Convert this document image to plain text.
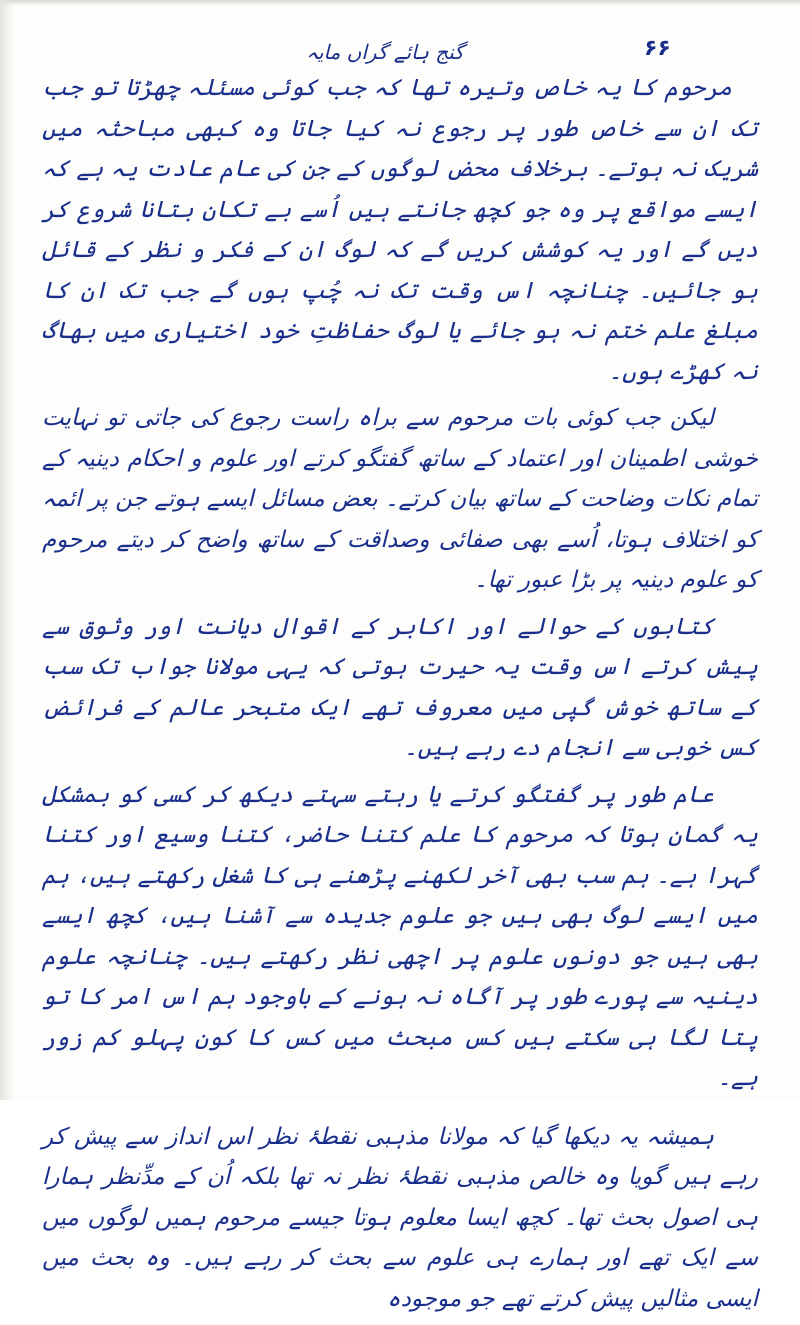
گنج ہائے گراں مایہ	۶۶

مرحوم کا یہ خاص وتیرہ تھا کہ جب کوئی مسئلہ چھڑتا تو جب تک ان سے خاص طور پر رجوع نہ کیا جاتا وہ کبھی مباحثہ میں شریک نہ ہوتے۔ برخلاف محض لوگوں کے جن کی عام عادت یہ ہے کہ ایسے مواقع پر وہ جو کچھ جانتے ہیں اُسے بے تکان بتانا شروع کر دیں گے اور یہ کوشش کریں گے کہ لوگ ان کے فکر و نظر کے قائل ہو جائیں۔ چنانچہ اس وقت تک نہ چُپ ہوں گے جب تک ان کا مبلغ علم ختم نہ ہو جائے یا لوگ حفاظتِ خود اختیاری میں بھاگ نہ کھڑے ہوں۔

لیکن جب کوئی بات مرحوم سے براہ راست رجوع کی جاتی تو نہایت خوشی اطمینان اور اعتماد کے ساتھ گفتگو کرتے اور علوم و احکام دینیہ کے تمام نکات وضاحت کے ساتھ بیان کرتے۔ بعض مسائل ایسے ہوتے جن پر ائمہ کو اختلاف ہوتا، اُسے بھی صفائی وصداقت کے ساتھ واضح کر دیتے مرحوم کو علوم دینیہ پر بڑا عبور تھا۔

کتابوں کے حوالے اور اکابر کے اقوال دیانت اور وثوق سے پیش کرتے اس وقت یہ حیرت ہوتی کہ یہی مولانا جواب تک سب کے ساتھ خوش گپی میں معروف تھے ایک متبحر عالم کے فرائض کس خوبی سے انجام دے رہے ہیں۔

عام طور پر گفتگو کرتے یا رہتے سہتے دیکھ کر کسی کو بمشکل یہ گمان ہوتا کہ مرحوم کا علم کتنا حاضر، کتنا وسیع اور کتنا گہرا ہے۔ ہم سب بھی آخر لکھنے پڑھنے ہی کا شغل رکھتے ہیں، ہم میں ایسے لوگ بھی ہیں جو علوم جدیدہ سے آشنا ہیں، کچھ ایسے بھی ہیں جو دونوں علوم پر اچھی نظر رکھتے ہیں۔ چنانچہ علوم دینیہ سے پورے طور پر آگاہ نہ ہونے کے باوجود ہم اس امر کا تو پتا لگا ہی سکتے ہیں کس مبحث میں کس کا کون پہلو کم زور ہے۔

ہمیشہ یہ دیکھا گیا کہ مولانا مذہبی نقطۂ نظر اس انداز سے پیش کر رہے ہیں گویا وہ خالص مذہبی نقطۂ نظر نہ تھا بلکہ اُن کے مدِّنظر ہمارا ہی اصول بحث تھا۔ کچھ ایسا معلوم ہوتا جیسے مرحوم ہمیں لوگوں میں سے ایک تھے اور ہمارے ہی علوم سے بحث کر رہے ہیں۔ وہ بحث میں ایسی مثالیں پیش کرتے تھے جو موجودہ
